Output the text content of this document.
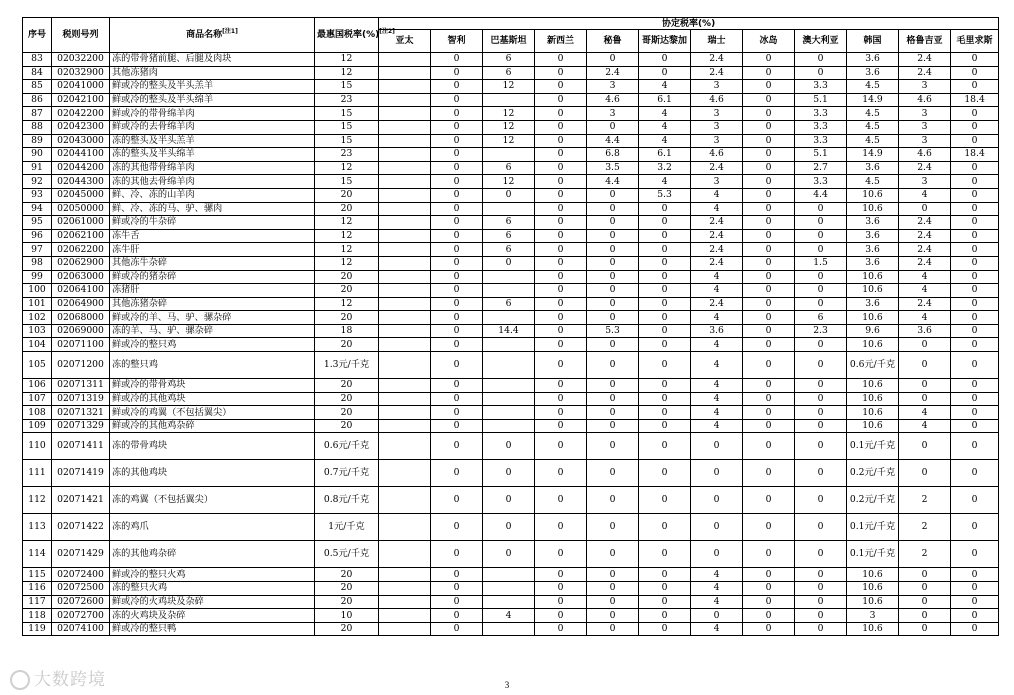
序号	税则号列	商品名称[注1]	最惠国税率(%)[注2]	协定税率(%)											
				亚太	智利	巴基斯坦	新西兰	秘鲁	哥斯达黎加	瑞士	冰岛	澳大利亚	韩国	格鲁吉亚	毛里求斯
83	02032200	冻的带骨猪前腿、后腿及肉块	12		0	6	0	0	0	2.4	0	0	3.6	2.4	0
84	02032900	其他冻猪肉	12		0	6	0	2.4	0	2.4	0	0	3.6	2.4	0
85	02041000	鲜或冷的整头及半头羔羊	15		0	12	0	3	4	3	0	3.3	4.5	3	0
86	02042100	鲜或冷的整头及半头绵羊	23		0		0	4.6	6.1	4.6	0	5.1	14.9	4.6	18.4
87	02042200	鲜或冷的带骨绵羊肉	15		0	12	0	3	4	3	0	3.3	4.5	3	0
88	02042300	鲜或冷的去骨绵羊肉	15		0	12	0	0	4	3	0	3.3	4.5	3	0
89	02043000	冻的整头及半头羔羊	15		0	12	0	4.4	4	3	0	3.3	4.5	3	0
90	02044100	冻的整头及半头绵羊	23		0		0	6.8	6.1	4.6	0	5.1	14.9	4.6	18.4
91	02044200	冻的其他带骨绵羊肉	12		0	6	0	3.5	3.2	2.4	0	2.7	3.6	2.4	0
92	02044300	冻的其他去骨绵羊肉	15		0	12	0	4.4	4	3	0	3.3	4.5	3	0
93	02045000	鲜、冷、冻的山羊肉	20		0	0	0	0	5.3	4	0	4.4	10.6	4	0
94	02050000	鲜、冷、冻的马、驴、骡肉	20		0		0	0	0	4	0	0	10.6	0	0
95	02061000	鲜或冷的牛杂碎	12		0	6	0	0	0	2.4	0	0	3.6	2.4	0
96	02062100	冻牛舌	12		0	6	0	0	0	2.4	0	0	3.6	2.4	0
97	02062200	冻牛肝	12		0	6	0	0	0	2.4	0	0	3.6	2.4	0
98	02062900	其他冻牛杂碎	12		0	0	0	0	0	2.4	0	1.5	3.6	2.4	0
99	02063000	鲜或冷的猪杂碎	20		0		0	0	0	4	0	0	10.6	4	0
100	02064100	冻猪肝	20		0		0	0	0	4	0	0	10.6	4	0
101	02064900	其他冻猪杂碎	12		0	6	0	0	0	2.4	0	0	3.6	2.4	0
102	02068000	鲜或冷的羊、马、驴、骡杂碎	20		0		0	0	0	4	0	6	10.6	4	0
103	02069000	冻的羊、马、驴、骡杂碎	18		0	14.4	0	5.3	0	3.6	0	2.3	9.6	3.6	0
104	02071100	鲜或冷的整只鸡	20		0		0	0	0	4	0	0	10.6	0	0
105	02071200	冻的整只鸡	1.3元/千克		0		0	0	0	4	0	0	0.6元/千克	0	0
106	02071311	鲜或冷的带骨鸡块	20		0		0	0	0	4	0	0	10.6	0	0
107	02071319	鲜或冷的其他鸡块	20		0		0	0	0	4	0	0	10.6	0	0
108	02071321	鲜或冷的鸡翼（不包括翼尖）	20		0		0	0	0	4	0	0	10.6	4	0
109	02071329	鲜或冷的其他鸡杂碎	20		0		0	0	0	4	0	0	10.6	4	0
110	02071411	冻的带骨鸡块	0.6元/千克		0	0	0	0	0	0	0	0	0.1元/千克	0	0
111	02071419	冻的其他鸡块	0.7元/千克		0	0	0	0	0	0	0	0	0.2元/千克	0	0
112	02071421	冻的鸡翼（不包括翼尖）	0.8元/千克		0	0	0	0	0	0	0	0	0.2元/千克	2	0
113	02071422	冻的鸡爪	1元/千克		0	0	0	0	0	0	0	0	0.1元/千克	2	0
114	02071429	冻的其他鸡杂碎	0.5元/千克		0	0	0	0	0	0	0	0	0.1元/千克	2	0
115	02072400	鲜或冷的整只火鸡	20		0		0	0	0	4	0	0	10.6	0	0
116	02072500	冻的整只火鸡	20		0		0	0	0	4	0	0	10.6	0	0
117	02072600	鲜或冷的火鸡块及杂碎	20		0		0	0	0	4	0	0	10.6	0	0
118	02072700	冻的火鸡块及杂碎	10		0	4	0	0	0	0	0	0	3	0	0
119	02074100	鲜或冷的整只鸭	20		0		0	0	0	4	0	0	10.6	0	0
3
大数跨境
